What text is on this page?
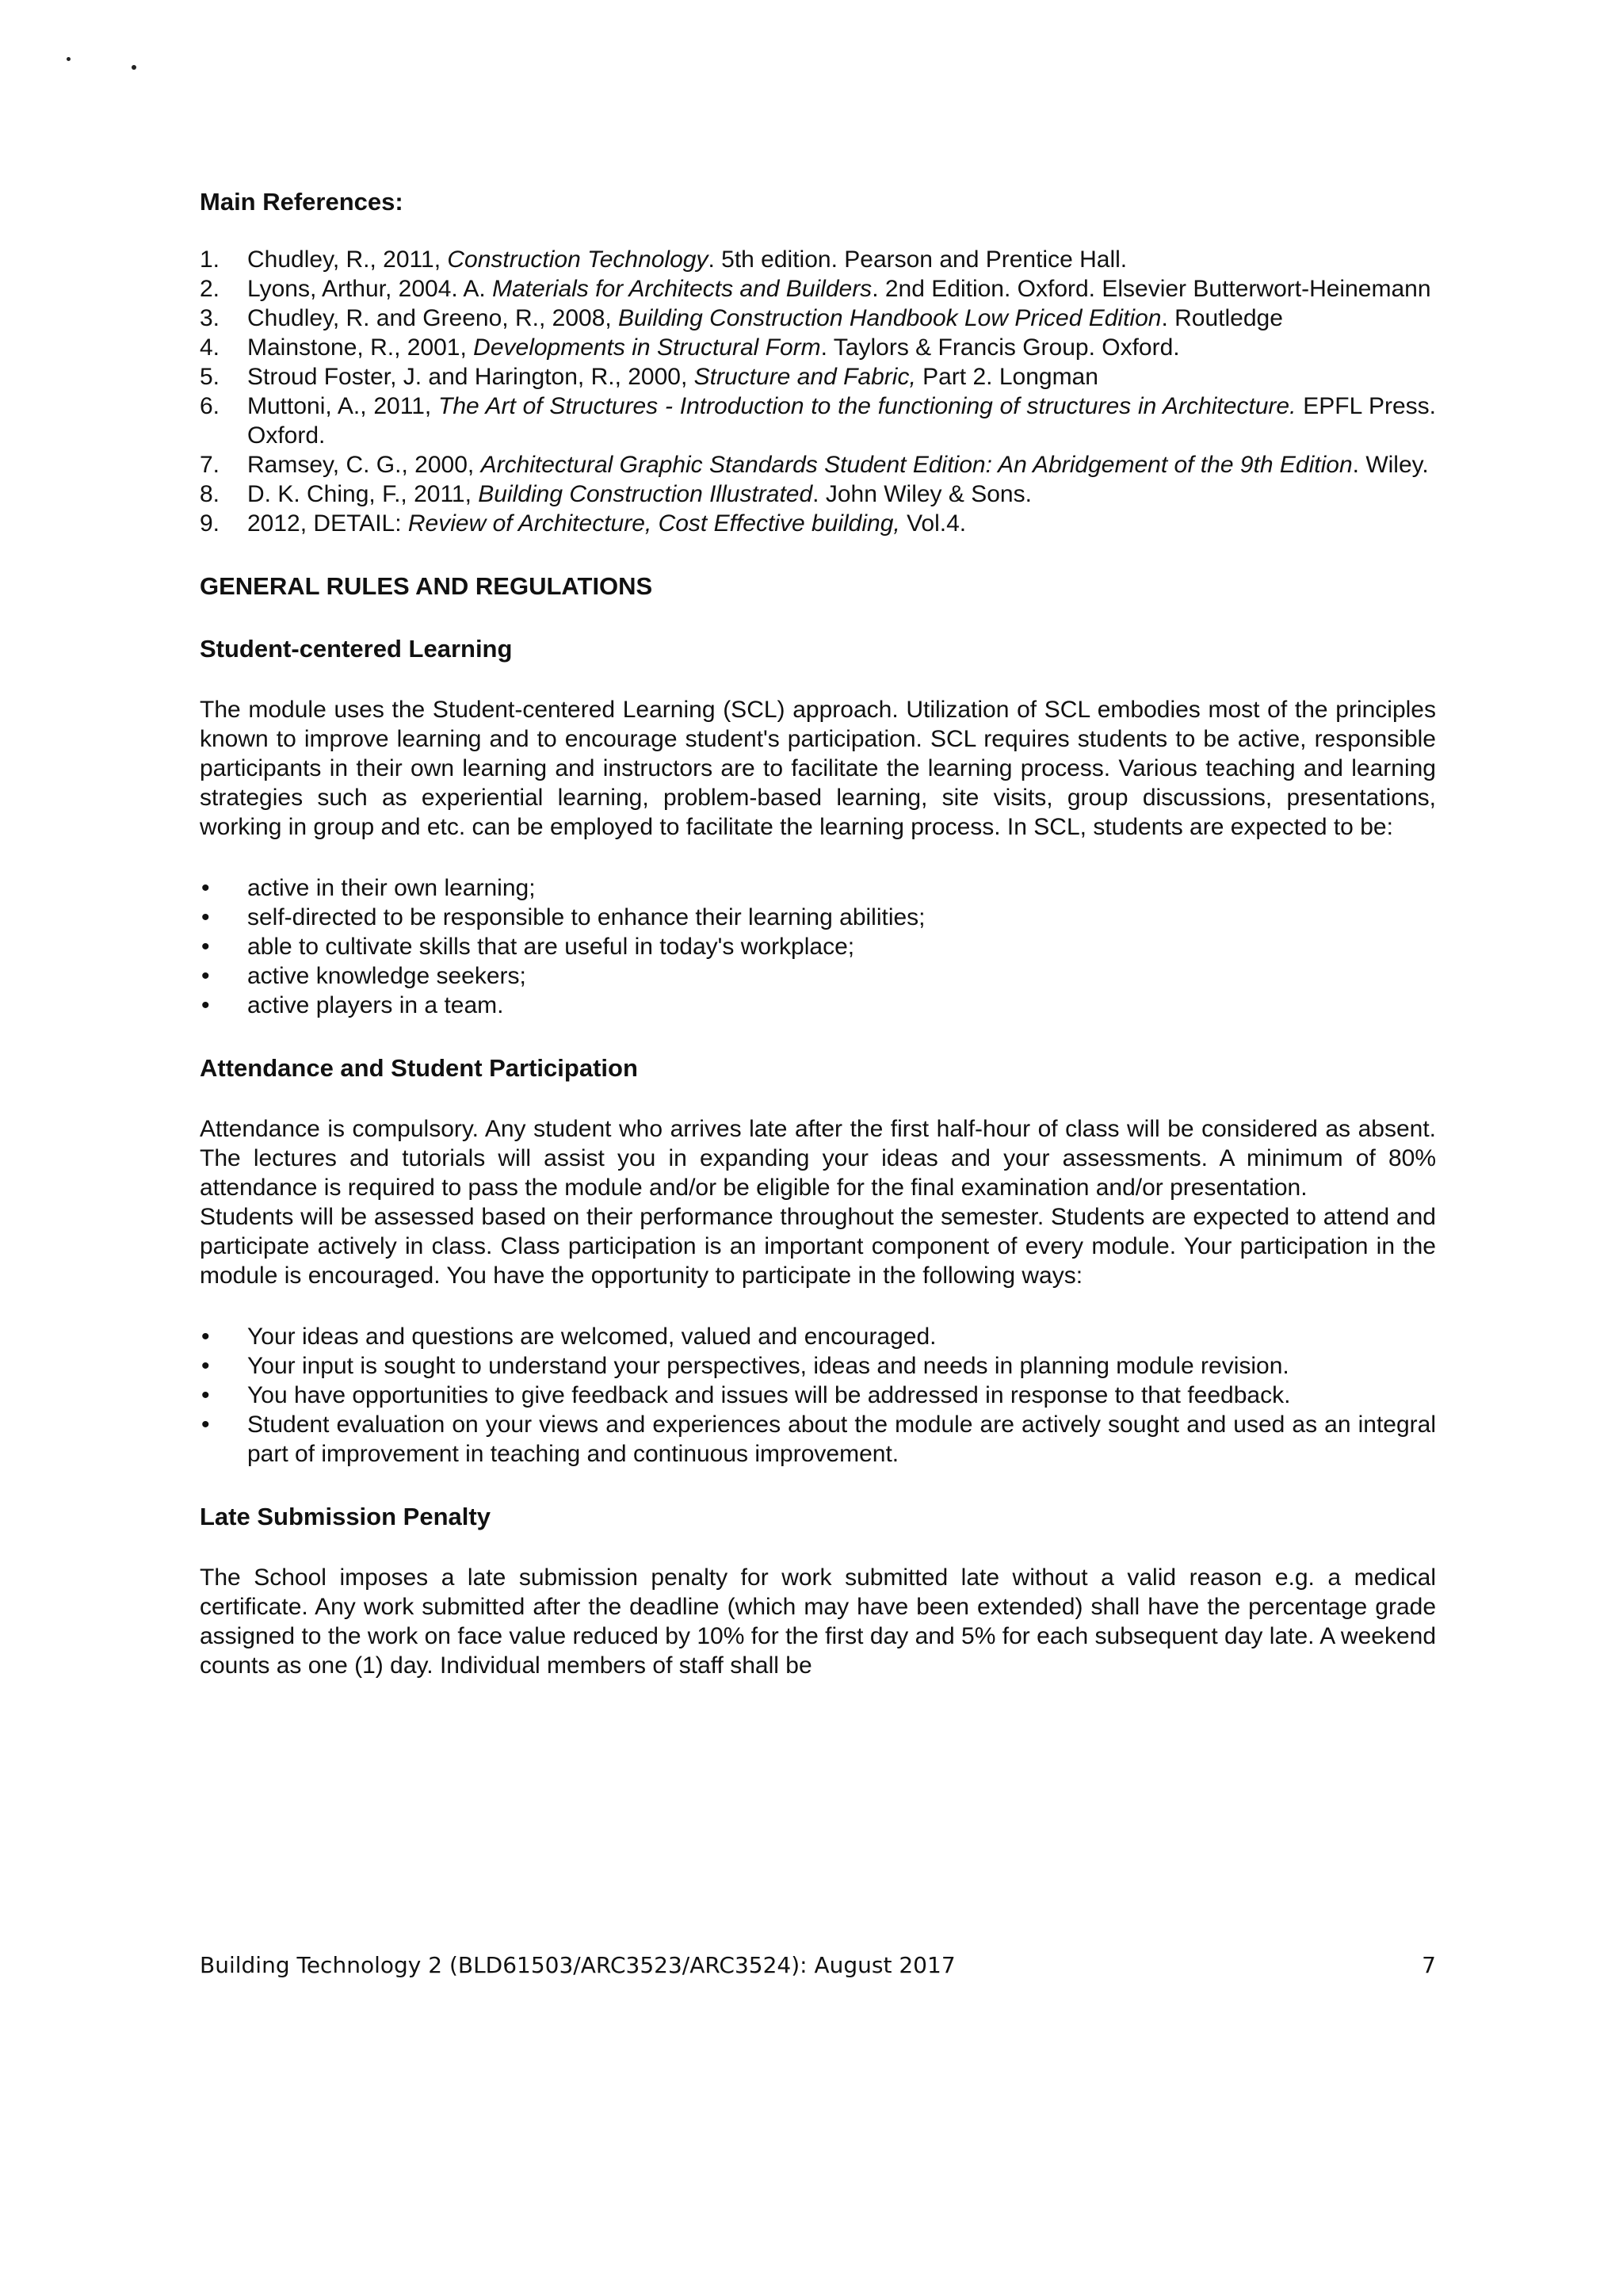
Main References:
1. Chudley, R., 2011, Construction Technology. 5th edition. Pearson and Prentice Hall.
2. Lyons, Arthur, 2004. A. Materials for Architects and Builders. 2nd Edition. Oxford. Elsevier Butterwort-Heinemann
3. Chudley, R. and Greeno, R., 2008, Building Construction Handbook Low Priced Edition. Routledge
4. Mainstone, R., 2001, Developments in Structural Form. Taylors & Francis Group. Oxford.
5. Stroud Foster, J. and Harington, R., 2000, Structure and Fabric, Part 2. Longman
6. Muttoni, A., 2011, The Art of Structures - Introduction to the functioning of structures in Architecture. EPFL Press. Oxford.
7. Ramsey, C. G., 2000, Architectural Graphic Standards Student Edition: An Abridgement of the 9th Edition. Wiley.
8. D. K. Ching, F., 2011, Building Construction Illustrated. John Wiley & Sons.
9. 2012, DETAIL: Review of Architecture, Cost Effective building, Vol.4.
GENERAL RULES AND REGULATIONS
Student-centered Learning

The module uses the Student-centered Learning (SCL) approach. Utilization of SCL embodies most of the principles known to improve learning and to encourage student's participation. SCL requires students to be active, responsible participants in their own learning and instructors are to facilitate the learning process. Various teaching and learning strategies such as experiential learning, problem-based learning, site visits, group discussions, presentations, working in group and etc. can be employed to facilitate the learning process. In SCL, students are expected to be:

• active in their own learning;
• self-directed to be responsible to enhance their learning abilities;
• able to cultivate skills that are useful in today's workplace;
• active knowledge seekers;
• active players in a team.
Attendance and Student Participation

Attendance is compulsory. Any student who arrives late after the first half-hour of class will be considered as absent. The lectures and tutorials will assist you in expanding your ideas and your assessments. A minimum of 80% attendance is required to pass the module and/or be eligible for the final examination and/or presentation.

Students will be assessed based on their performance throughout the semester. Students are expected to attend and participate actively in class. Class participation is an important component of every module. Your participation in the module is encouraged. You have the opportunity to participate in the following ways:

• Your ideas and questions are welcomed, valued and encouraged.
• Your input is sought to understand your perspectives, ideas and needs in planning module revision.
• You have opportunities to give feedback and issues will be addressed in response to that feedback.
• Student evaluation on your views and experiences about the module are actively sought and used as an integral part of improvement in teaching and continuous improvement.
Late Submission Penalty

The School imposes a late submission penalty for work submitted late without a valid reason e.g. a medical certificate. Any work submitted after the deadline (which may have been extended) shall have the percentage grade assigned to the work on face value reduced by 10% for the first day and 5% for each subsequent day late. A weekend counts as one (1) day. Individual members of staff shall be

Building Technology 2 (BLD61503/ARC3523/ARC3524): August 2017	7
